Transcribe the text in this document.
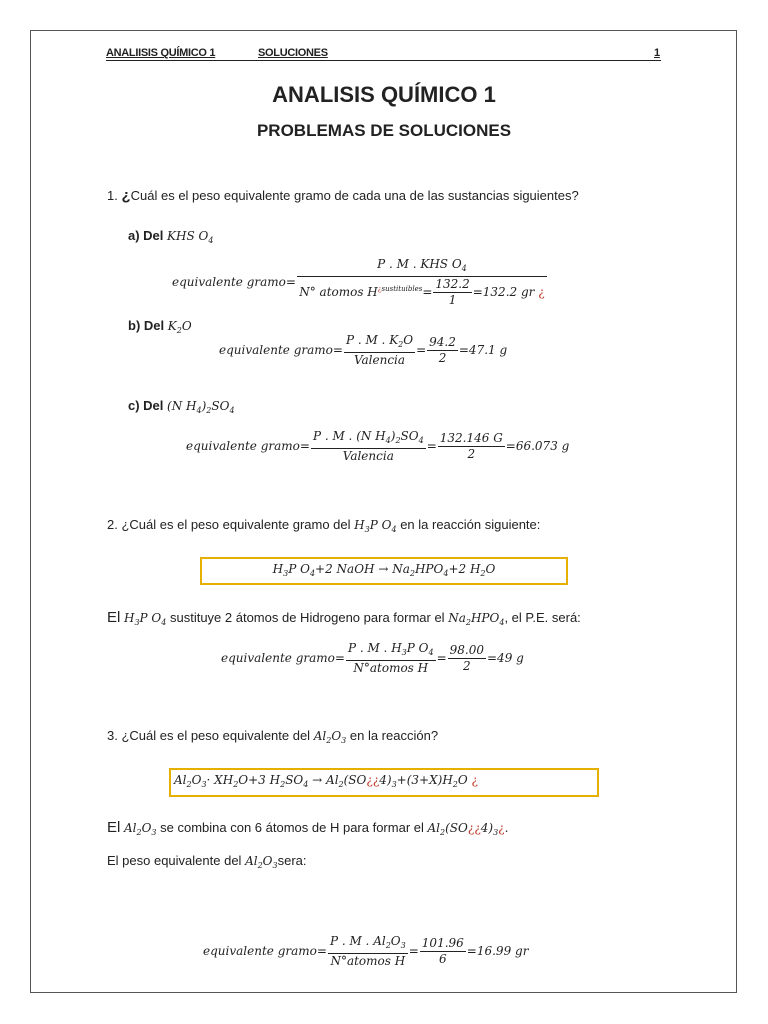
ANALIISIS QUÍMICO 1	SOLUCIONES	1
ANALISIS QUÍMICO 1
PROBLEMAS DE SOLUCIONES
1. ¿Cuál es el peso equivalente gramo de cada una de las sustancias siguientes?
a) Del KHS $O_4$
equivalente gramo= $\frac{P . M . KHS O_4}{N^\circ atomos H^{¿sustituibles}= \frac{132.2}{1} =132.2 gr ¿}$
b) Del $K_2O$
equivalente gramo= $\frac{P . M . K_2O}{\text{Valencia}} = \frac{94.2}{2} =47.1$ g
c) Del (N $H_4)_2SO_4$
equivalente gramo= $\frac{P . M . (N H_4)_2SO_4}{\text{Valencia}} = \frac{132.146 G}{2} =66.073$ g
2. ¿Cuál es el peso equivalente gramo del $H_3P$ $O_4$ en la reacción siguiente:
$H_3P$ $O_4+2$ NaOH → $Na_2HPO_4+2$ $H_2O$
El $H_3P$ $O_4$ sustituye 2 átomos de Hidrogeno para formar el $Na_2HPO_4$, el P.E. será:
equivalente gramo= $\frac{P . M . H_3P O_4}{\text{N°atomos H}} = \frac{98.00}{2} =49$ g
3. ¿Cuál es el peso equivalente del $Al_2O_3$ en la reacción?
$Al_2O_3\cdot XH_2O+3$ $H_2SO_4$ → $Al_2(SO¿¿4)_3+(3+X)H_2O$ ¿
El $Al_2O_3$ se combina con 6 átomos de H para formar el $Al_2(SO¿¿4)_3¿$.
El peso equivalente del $Al_2O_3sera$:
equivalente gramo= $\frac{P . M . Al_2O_3}{\text{N°atomos H}} = \frac{101.96}{6} =16.99$ gr
